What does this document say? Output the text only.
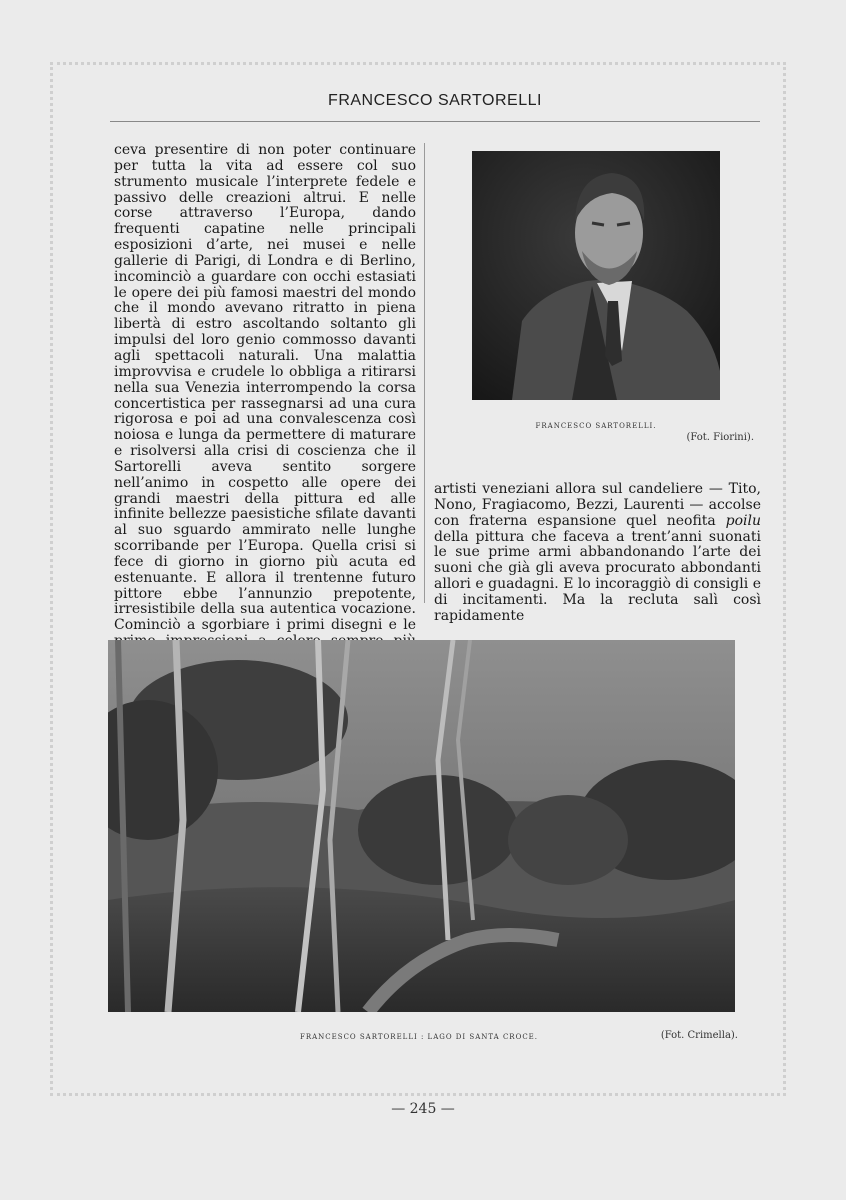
FRANCESCO SARTORELLI

ceva presentire di non poter continuare per tutta la vita ad essere col suo strumento musicale l’interprete fedele e passivo delle creazioni altrui. E nelle corse attraverso l’Europa, dando frequenti capatine nelle principali esposizioni d’arte, nei musei e nelle gallerie di Parigi, di Londra e di Berlino, incominciò a guardare con occhi estasiati le opere dei più famosi maestri del mondo che il mondo avevano ritratto in piena libertà di estro ascoltando soltanto gli impulsi del loro genio commosso davanti agli spettacoli naturali. Una malattia improvvisa e crudele lo obbliga a ritirarsi nella sua Venezia interrompendo la corsa concertistica per rassegnarsi ad una cura rigorosa e poi ad una convalescenza così noiosa e lunga da permettere di maturare e risolversi alla crisi di coscienza che il Sartorelli aveva sentito sorgere nell’animo in cospetto alle opere dei grandi maestri della pittura ed alle infinite bellezze paesistiche sfilate davanti al suo sguardo ammirato nelle lunghe scorribande per l’Europa. Quella crisi si fece di giorno in giorno più acuta ed estenuante. E allora il trentenne futuro pittore ebbe l’annunzio prepotente, irresistibile della sua autentica vocazione. Cominciò a sgorbiare i primi disegni e le

FRANCESCO SARTORELLI.
(Fot. Fiorini).

artisti veneziani allora sul candeliere — Tito, Nono, Fragiacomo, Bezzi, Laurenti — accolse con fraterna espansione quel neofita poilu della pittura che faceva a trent’anni suonati le sue prime armi abbandonando l’arte dei suoni che già gli aveva procurato abbondanti allori e guadagni. E lo incoraggiò di consigli e di incitamenti. Ma la recluta salì così rapidamente

FRANCESCO SARTORELLI : LAGO DI SANTA CROCE.	(Fot. Crimella).
— 245 —
